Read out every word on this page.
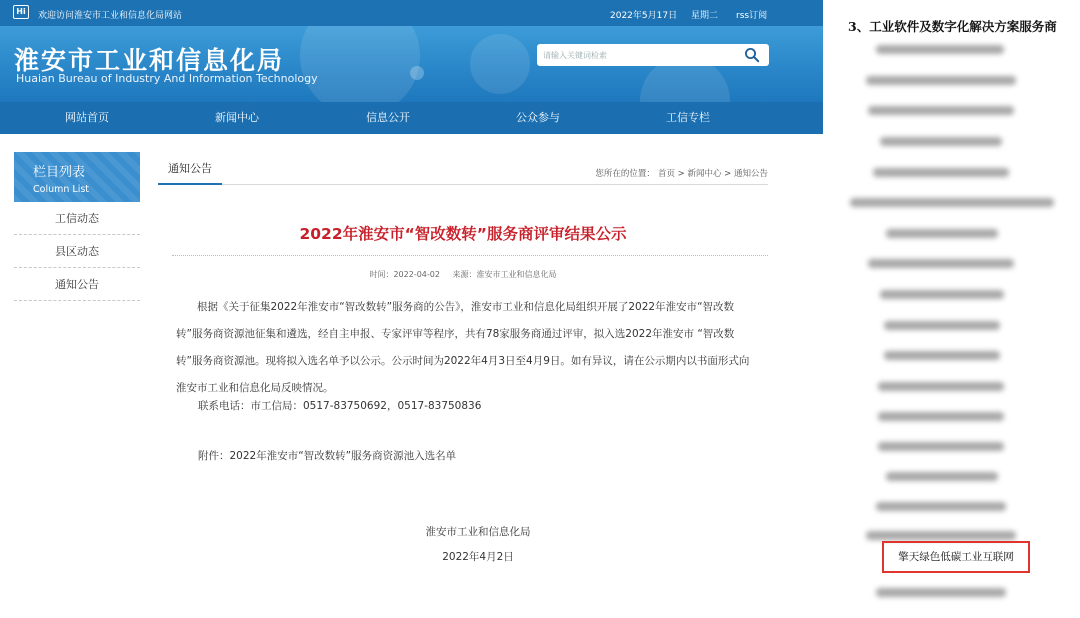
Hi	欢迎访问淮安市工业和信息化局网站	2022年5月17日 星期二 rss订阅
淮安市工业和信息化局
Huaian Bureau of Industry And Information Technology
请输入关键词检索
网站首页	新闻中心	信息公开	公众参与	工信专栏
栏目列表
Column List
工信动态
县区动态
通知公告
通知公告	您所在的位置： 首页 > 新闻中心 > 通知公告
2022年淮安市“智改数转”服务商评审结果公示
时间：2022-04-02 来源：淮安市工业和信息化局

根据《关于征集2022年淮安市“智改数转”服务商的公告》，淮安市工业和信息化局组织开展了2022年淮安市“智改数转”服务商资源池征集和遴选，经自主申报、专家评审等程序，共有78家服务商通过评审，拟入选2022年淮安市 “智改数转”服务商资源池。现将拟入选名单予以公示。公示时间为2022年4月3日至4月9日。如有异议，请在公示期内以书面形式向淮安市工业和信息化局反映情况。

联系电话：市工信局：0517-83750692，0517-83750836
附件：2022年淮安市“智改数转”服务商资源池入选名单
淮安市工业和信息化局
2022年4月2日
3、工业软件及数字化解决方案服务商
擎天绿色低碳工业互联网
